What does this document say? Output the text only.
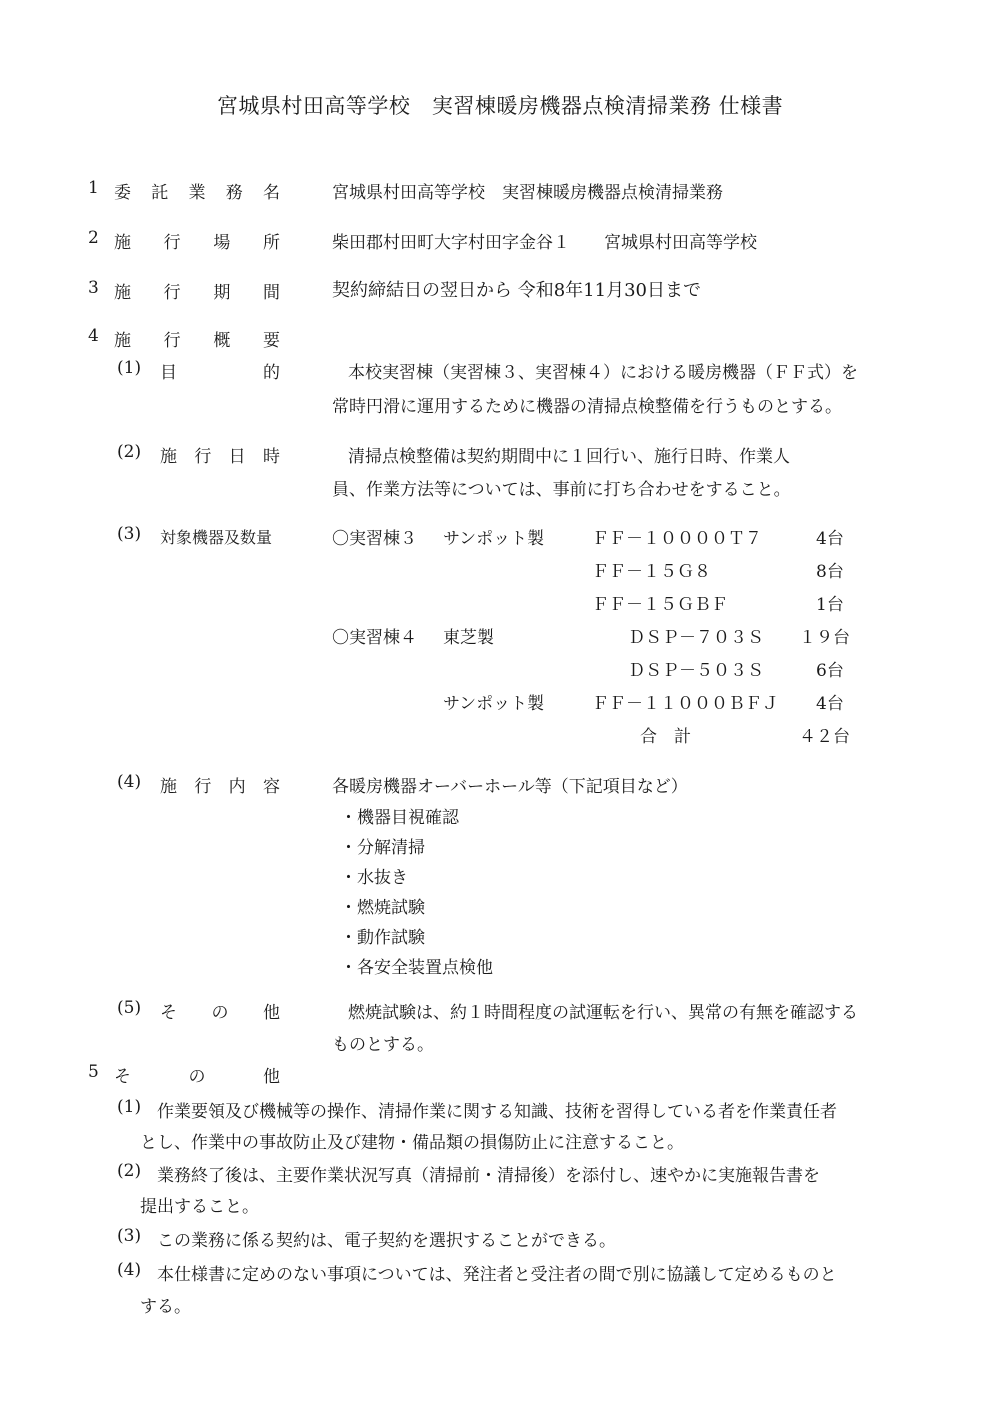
宮城県村田高等学校　実習棟暖房機器点検清掃業務 仕様書
1 委 託 業 務 名	宮城県村田高等学校　実習棟暖房機器点検清掃業務
2 施 行 場 所	柴田郡村田町大字村田字金谷１　　宮城県村田高等学校
3 施 行 期 間	契約締結日の翌日から 令和8年11月30日まで
4 施 行 概 要
(1) 目	的	本校実習棟（実習棟３、実習棟４）における暖房機器（ＦＦ式）を
常時円滑に運用するために機器の清掃点検整備を行うものとする。
(2) 施 行 日 時	清掃点検整備は契約期間中に１回行い、施行日時、作業人
員、作業方法等については、事前に打ち合わせをすること。
(3) 対象機器及数量	〇実習棟３ サンポット製	ＦＦ－１００００Ｔ７	4台
ＦＦ－１５Ｇ８	8台
ＦＦ－１５ＧＢＦ	1台
〇実習棟４ 東芝製	ＤＳＰ－７０３Ｓ １９台
ＤＳＰ－５０３Ｓ	6台
サンポット製	ＦＦ－１１０００ＢＦＪ 4台
合　計	４２台
(4) 施 行 内 容	各暖房機器オーバーホール等（下記項目など）
・機器目視確認
・分解清掃
・水抜き
・燃焼試験
・動作試験
・各安全装置点検他
(5) そ の 他	燃焼試験は、約１時間程度の試運転を行い、異常の有無を確認する
ものとする。
5 そ	の	他
(1) 作業要領及び機械等の操作、清掃作業に関する知識、技術を習得している者を作業責任者
とし、作業中の事故防止及び建物・備品類の損傷防止に注意すること。
(2) 業務終了後は、主要作業状況写真（清掃前・清掃後）を添付し、速やかに実施報告書を
提出すること。
(3) この業務に係る契約は、電子契約を選択することができる。
(4) 本仕様書に定めのない事項については、発注者と受注者の間で別に協議して定めるものと
する。
